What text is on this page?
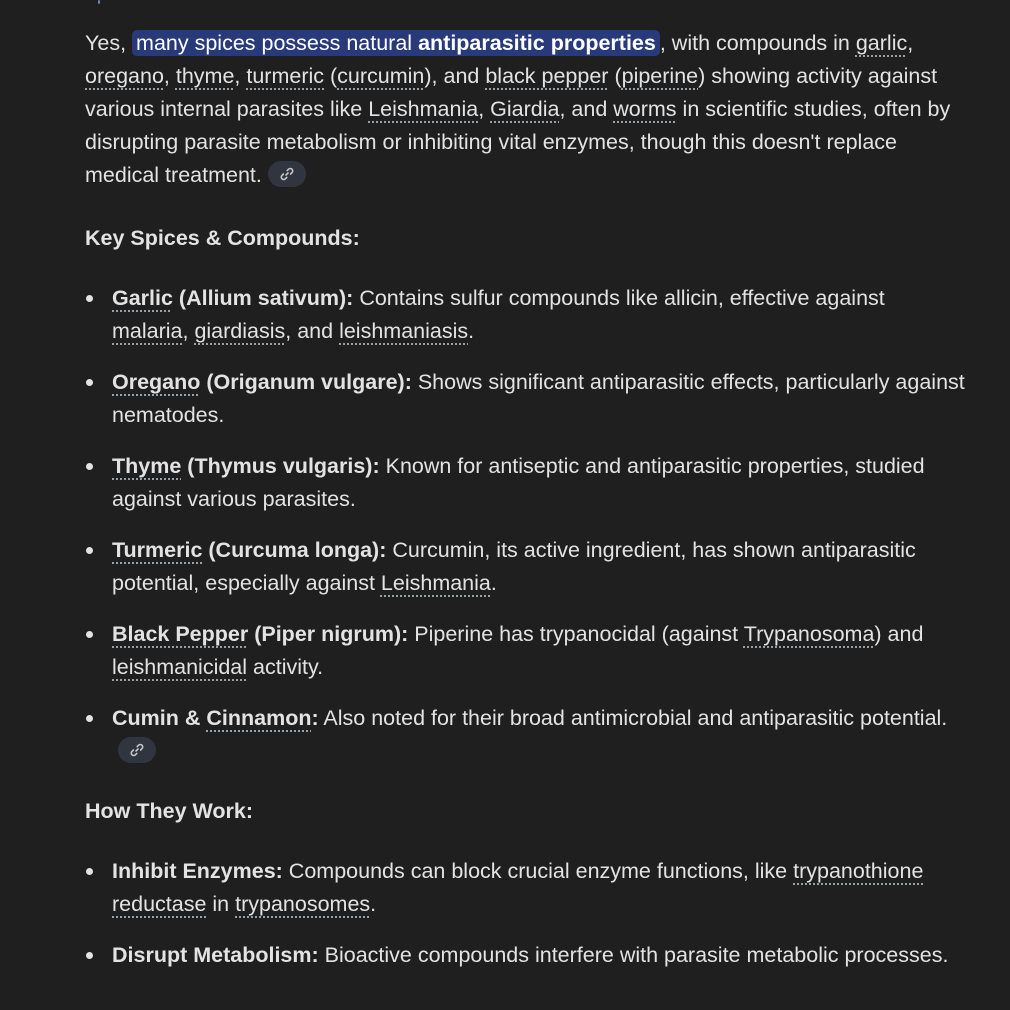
Yes, many spices possess natural antiparasitic properties , with compounds in garlic, oregano, thyme, turmeric (curcumin), and black pepper (piperine) showing activity against various internal parasites like Leishmania, Giardia, and worms in scientific studies, often by disrupting parasite metabolism or inhibiting vital enzymes, though this doesn't replace medical treatment.

Key Spices & Compounds:
Garlic (Allium sativum): Contains sulfur compounds like allicin, effective against malaria, giardiasis, and leishmaniasis.
Oregano (Origanum vulgare): Shows significant antiparasitic effects, particularly against nematodes.
Thyme (Thymus vulgaris): Known for antiseptic and antiparasitic properties, studied against various parasites.
Turmeric (Curcuma longa): Curcumin, its active ingredient, has shown antiparasitic potential, especially against Leishmania.
Black Pepper (Piper nigrum): Piperine has trypanocidal (against Trypanosoma) and leishmanicidal activity.
Cumin & Cinnamon: Also noted for their broad antimicrobial and antiparasitic potential.
How They Work:
Inhibit Enzymes: Compounds can block crucial enzyme functions, like trypanothione reductase in trypanosomes.
Disrupt Metabolism: Bioactive compounds interfere with parasite metabolic processes.
